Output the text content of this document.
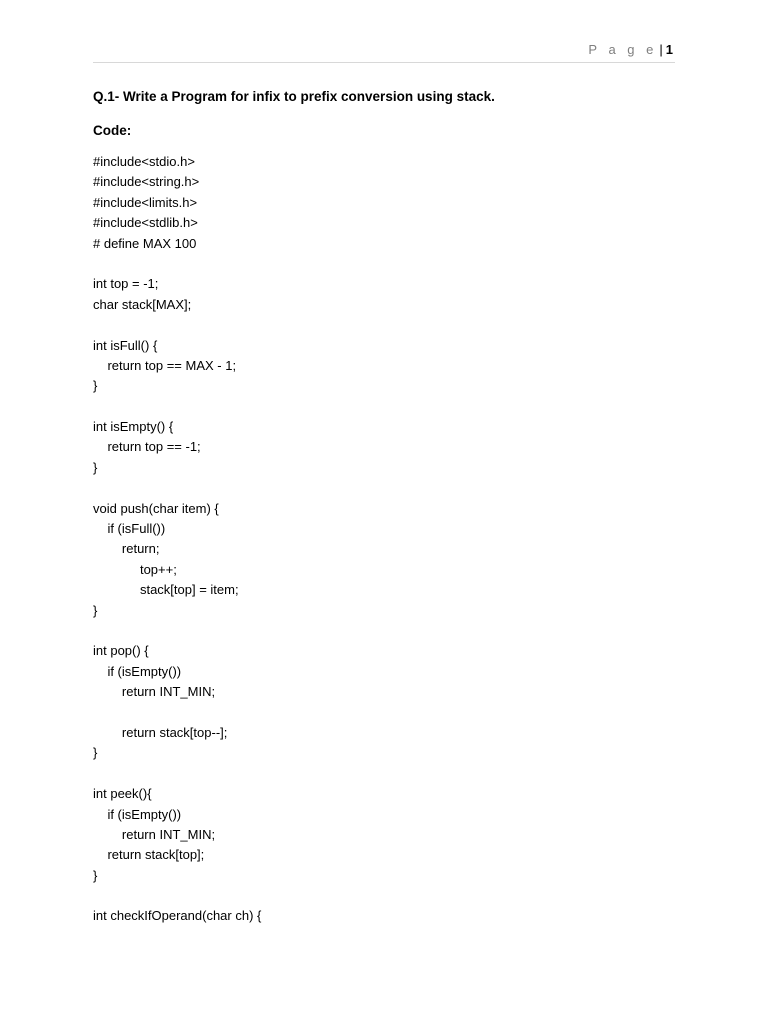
P a g e | 1
Q.1- Write a Program for infix to prefix conversion using stack.
Code:
#include<stdio.h>
#include<string.h>
#include<limits.h>
#include<stdlib.h>
# define MAX 100
int top = -1;
char stack[MAX];
int isFull() {
return top == MAX - 1;
}
int isEmpty() {
return top == -1;
}
void push(char item) {
if (isFull())
return;
top++;
stack[top] = item;
}
int pop() {
if (isEmpty())
return INT_MIN;
return stack[top--];
}
int peek(){
if (isEmpty())
return INT_MIN;
return stack[top];
}
int checkIfOperand(char ch) {
